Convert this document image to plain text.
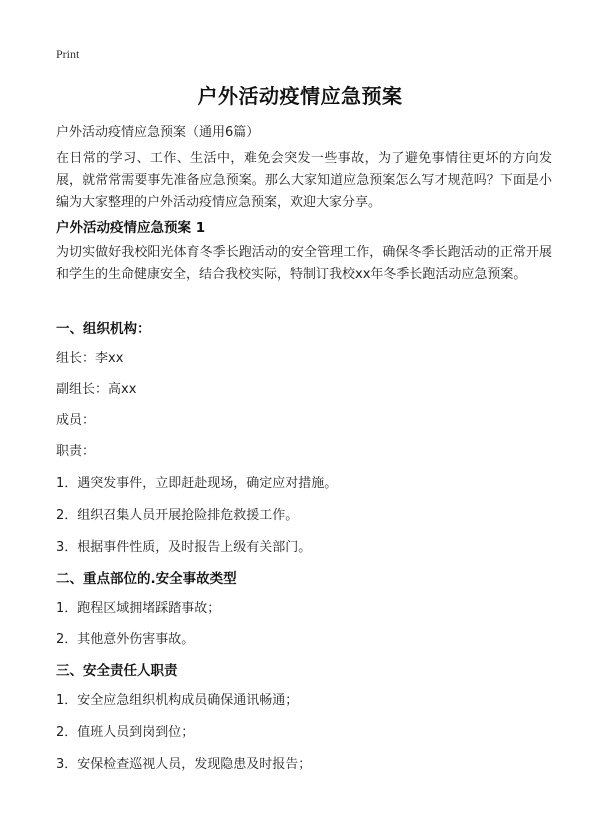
Print
户外活动疫情应急预案
户外活动疫情应急预案（通用6篇）
在日常的学习、工作、生活中，难免会突发一些事故，为了避免事情往更坏的方向发展，就常常需要事先准备应急预案。那么大家知道应急预案怎么写才规范吗？下面是小编为大家整理的户外活动疫情应急预案，欢迎大家分享。
户外活动疫情应急预案 1
为切实做好我校阳光体育冬季长跑活动的安全管理工作，确保冬季长跑活动的正常开展和学生的生命健康安全，结合我校实际，特制订我校xx年冬季长跑活动应急预案。
一、组织机构：
组长：李xx
副组长：高xx
成员：
职责：
1．遇突发事件，立即赶赴现场，确定应对措施。
2．组织召集人员开展抢险排危救援工作。
3．根据事件性质，及时报告上级有关部门。
二、重点部位的.安全事故类型
1．跑程区域拥堵踩踏事故；
2．其他意外伤害事故。
三、安全责任人职责
1．安全应急组织机构成员确保通讯畅通；
2．值班人员到岗到位；
3．安保检查巡视人员，发现隐患及时报告；
